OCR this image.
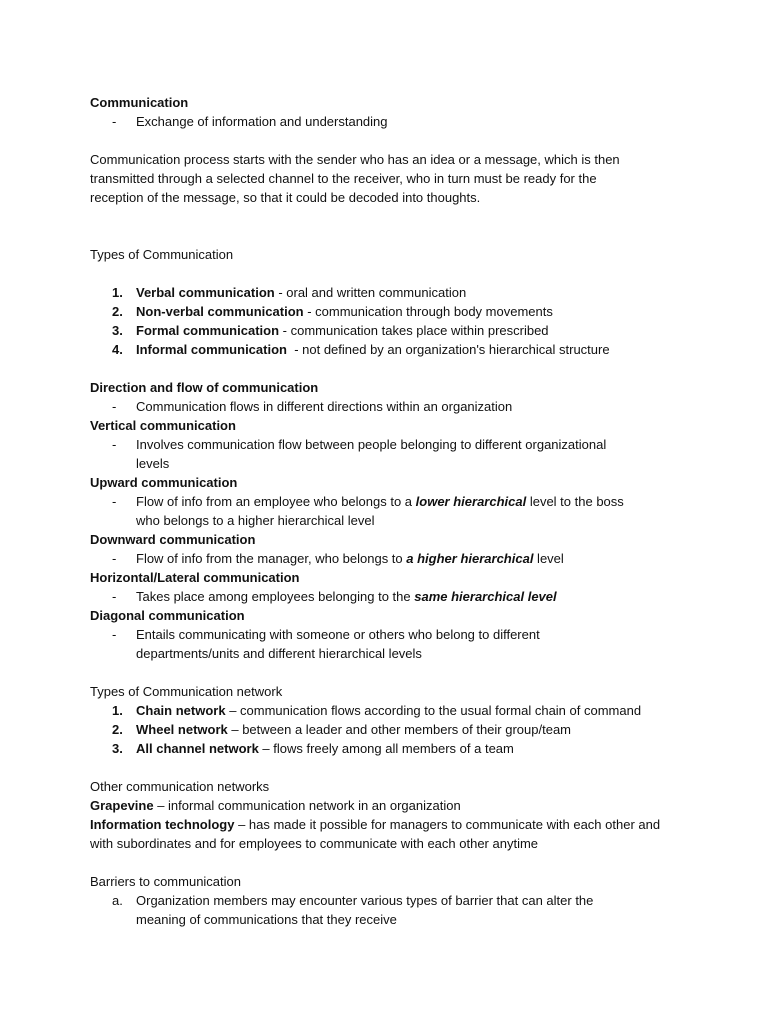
Communication
- Exchange of information and understanding
Communication process starts with the sender who has an idea or a message, which is then transmitted through a selected channel to the receiver, who in turn must be ready for the reception of the message, so that it could be decoded into thoughts.
Types of Communication
1. Verbal communication - oral and written communication
2. Non-verbal communication - communication through body movements
3. Formal communication - communication takes place within prescribed
4. Informal communication  - not defined by an organization's hierarchical structure
Direction and flow of communication
- Communication flows in different directions within an organization
Vertical communication
- Involves communication flow between people belonging to different organizational levels
Upward communication
- Flow of info from an employee who belongs to a lower hierarchical level to the boss who belongs to a higher hierarchical level
Downward communication
- Flow of info from the manager, who belongs to a higher hierarchical level
Horizontal/Lateral communication
- Takes place among employees belonging to the same hierarchical level
Diagonal communication
- Entails communicating with someone or others who belong to different departments/units and different hierarchical levels
Types of Communication network
1. Chain network – communication flows according to the usual formal chain of command
2. Wheel network – between a leader and other members of their group/team
3. All channel network – flows freely among all members of a team
Other communication networks
Grapevine – informal communication network in an organization
Information technology – has made it possible for managers to communicate with each other and with subordinates and for employees to communicate with each other anytime
Barriers to communication
a. Organization members may encounter various types of barrier that can alter the meaning of communications that they receive
